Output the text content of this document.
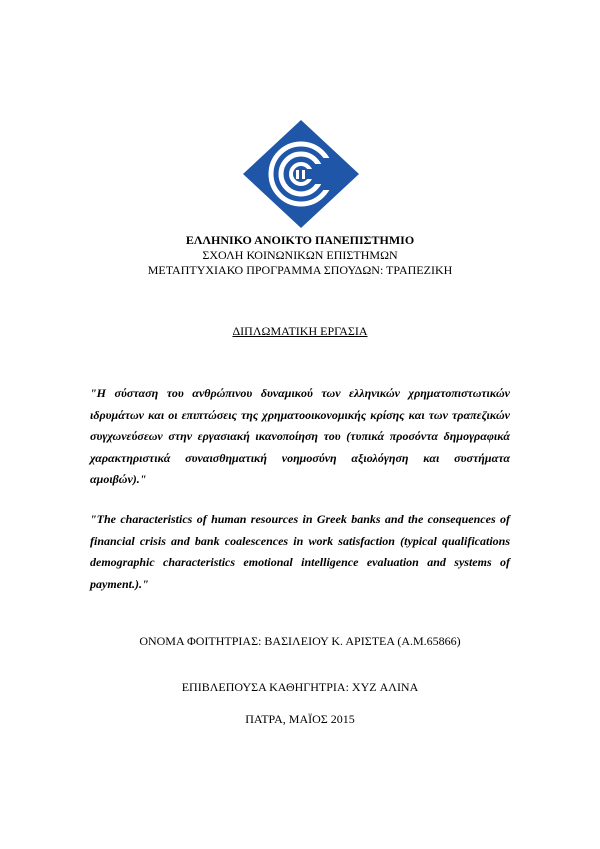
ΕΛΛΗΝΙΚΟ ΑΝΟΙΚΤΟ ΠΑΝΕΠΙΣΤΗΜΙΟ
ΣΧΟΛΗ ΚΟΙΝΩΝΙΚΩΝ ΕΠΙΣΤΗΜΩΝ
ΜΕΤΑΠΤΥΧΙΑΚΟ ΠΡΟΓΡΑΜΜΑ ΣΠΟΥΔΩΝ: ΤΡΑΠΕΖΙΚΗ
ΔΙΠΛΩΜΑΤΙΚΗ ΕΡΓΑΣΙΑ

"Η σύσταση του ανθρώπινου δυναμικού των ελληνικών χρηματοπιστωτικών ιδρυμάτων και οι επιπτώσεις της χρηματοοικονομικής κρίσης και των τραπεζικών συγχωνεύσεων στην εργασιακή ικανοποίηση του (τυπικά προσόντα δημογραφικά χαρακτηριστικά συναισθηματική νοημοσύνη αξιολόγηση και συστήματα αμοιβών)."

"The characteristics of human resources in Greek banks and the consequences of financial crisis and bank coalescences in work satisfaction (typical qualifications demographic characteristics emotional intelligence evaluation and systems of payment.)."

ΟΝΟΜΑ ΦΟΙΤΗΤΡΙΑΣ: ΒΑΣΙΛΕΙΟΥ Κ. ΑΡΙΣΤΕΑ (Α.Μ.65866)
ΕΠΙΒΛΕΠΟΥΣΑ ΚΑΘΗΓΗΤΡΙΑ: XYZ ΑΛΙΝΑ
ΠΑΤΡΑ, ΜΑΪΟΣ 2015
